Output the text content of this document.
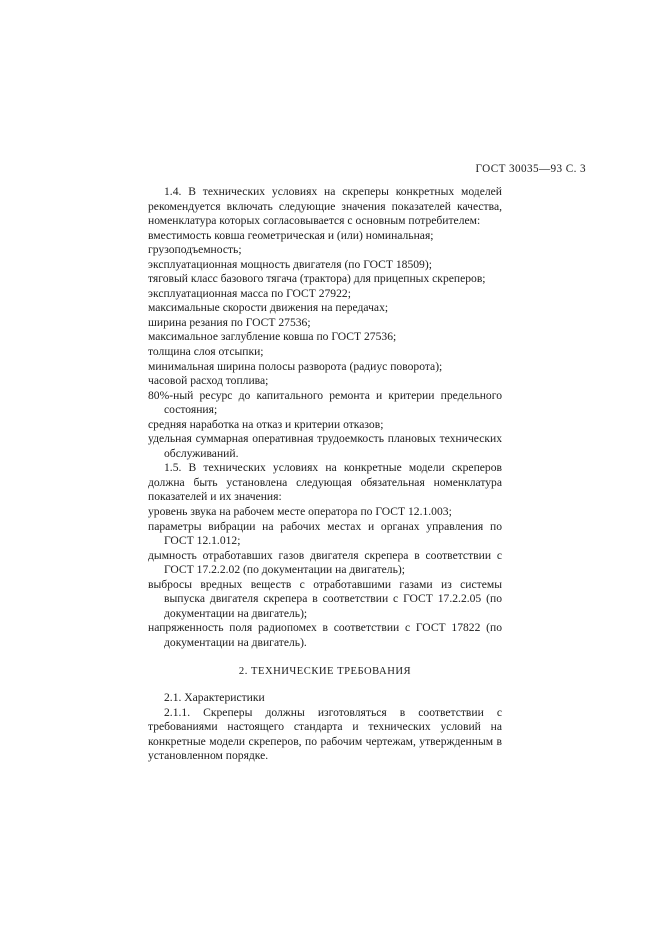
ГОСТ 30035—93 С. 3

1.4. В технических условиях на скреперы конкретных моделей рекомендуется включать следующие значения показателей качества, номенклатура которых согласовывается с основным потребителем:

вместимость ковша геометрическая и (или) номинальная;

грузоподъемность;

эксплуатационная мощность двигателя (по ГОСТ 18509);

тяговый класс базового тягача (трактора) для прицепных скреперов;

эксплуатационная масса по ГОСТ 27922;

максимальные скорости движения на передачах;

ширина резания по ГОСТ 27536;

максимальное заглубление ковша по ГОСТ 27536;

толщина слоя отсыпки;

минимальная ширина полосы разворота (радиус поворота);

часовой расход топлива;

80%-ный ресурс до капитального ремонта и критерии предельного состояния;

средняя наработка на отказ и критерии отказов;

удельная суммарная оперативная трудоемкость плановых технических обслуживаний.

1.5. В технических условиях на конкретные модели скреперов должна быть установлена следующая обязательная номенклатура показателей и их значения:

уровень звука на рабочем месте оператора по ГОСТ 12.1.003;

параметры вибрации на рабочих местах и органах управления по ГОСТ 12.1.012;

дымность отработавших газов двигателя скрепера в соответствии с ГОСТ 17.2.2.02 (по документации на двигатель);

выбросы вредных веществ с отработавшими газами из системы выпуска двигателя скрепера в соответствии с ГОСТ 17.2.2.05 (по документации на двигатель);

напряженность поля радиопомех в соответствии с ГОСТ 17822 (по документации на двигатель).

2. ТЕХНИЧЕСКИЕ ТРЕБОВАНИЯ

2.1. Характеристики

2.1.1. Скреперы должны изготовляться в соответствии с требованиями настоящего стандарта и технических условий на конкретные модели скреперов, по рабочим чертежам, утвержденным в установленном порядке.
